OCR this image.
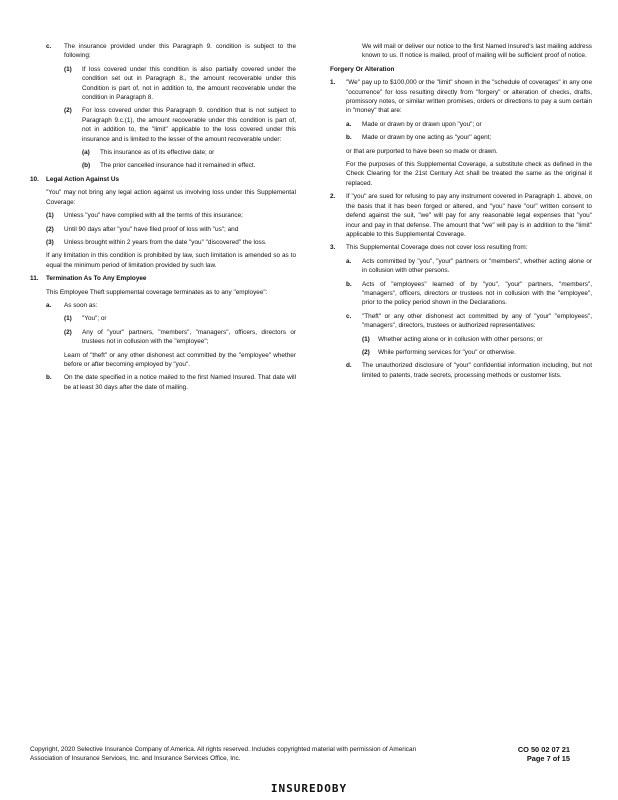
c.	The insurance provided under this Paragraph 9. condition is subject to the following:
(1)	If loss covered under this condition is also partially covered under the condition set out in Paragraph 8., the amount recoverable under this Condition is part of, not in addition to, the amount recoverable under the condition in Paragraph 8.
(2)	For loss covered under this Paragraph 9. condition that is not subject to Paragraph 9.c.(1), the amount recoverable under this condition is part of, not in addition to, the "limit" applicable to the loss covered under this insurance and is limited to the lesser of the amount recoverable under:
(a)	This insurance as of its effective date; or
(b)	The prior cancelled insurance had it remained in effect.
10.	Legal Action Against Us
"You" may not bring any legal action against us involving loss under this Supplemental Coverage:
(1)	Unless "you" have complied with all the terms of this insurance;
(2)	Until 90 days after "you" have filed proof of loss with "us"; and
(3)	Unless brought within 2 years from the date "you" "discovered" the loss.
If any limitation in this condition is prohibited by law, such limitation is amended so as to equal the minimum period of limitation provided by such law.
11.	Termination As To Any Employee
This Employee Theft supplemental coverage terminates as to any "employee":
a.	As soon as:
(1)	"You"; or
(2)	Any of "your" partners, "members", "managers", officers, directors or trustees not in collusion with the "employee";
Learn of "theft" or any other dishonest act committed by the "employee" whether before or after becoming employed by "you".
b.	On the date specified in a notice mailed to the first Named Insured. That date will be at least 30 days after the date of mailing.
We will mail or deliver our notice to the first Named Insured's last mailing address known to us. If notice is mailed, proof of mailing will be sufficient proof of notice.
Forgery Or Alteration
1.	"We" pay up to $100,000 or the "limit" shown in the "schedule of coverages" in any one "occurrence" for loss resulting directly from "forgery" or alteration of checks, drafts, promissory notes, or similar written promises, orders or directions to pay a sum certain in "money" that are:
a.	Made or drawn by or drawn upon "you"; or
b.	Made or drawn by one acting as "your" agent;
or that are purported to have been so made or drawn.
For the purposes of this Supplemental Coverage, a substitute check as defined in the Check Clearing for the 21st Century Act shall be treated the same as the original it replaced.
2.	If "you" are sued for refusing to pay any instrument covered in Paragraph 1. above, on the basis that it has been forged or altered, and "you" have "our" written consent to defend against the suit, "we" will pay for any reasonable legal expenses that "you" incur and pay in that defense. The amount that "we" will pay is in addition to the "limit" applicable to this Supplemental Coverage.
3.	This Supplemental Coverage does not cover loss resulting from:
a.	Acts committed by "you", "your" partners or "members", whether acting alone or in collusion with other persons.
b.	Acts of "employees" learned of by "you", "your" partners, "members", "managers", officers, directors or trustees not in collusion with the "employee", prior to the policy period shown in the Declarations.
c.	"Theft" or any other dishonest act committed by any of "your" "employees", "managers", directors, trustees or authorized representatives:
(1)	Whether acting alone or in collusion with other persons; or
(2)	While performing services for "you" or otherwise.
d.	The unauthorized disclosure of "your" confidential information including, but not limited to patents, trade secrets, processing methods or customer lists.
Copyright, 2020 Selective Insurance Company of America. All rights reserved. Includes copyrighted material with permission of American Association of Insurance Services, Inc. and Insurance Services Office, Inc.
CO 50 02 07 21
Page 7 of 15
INSUREDOBY
